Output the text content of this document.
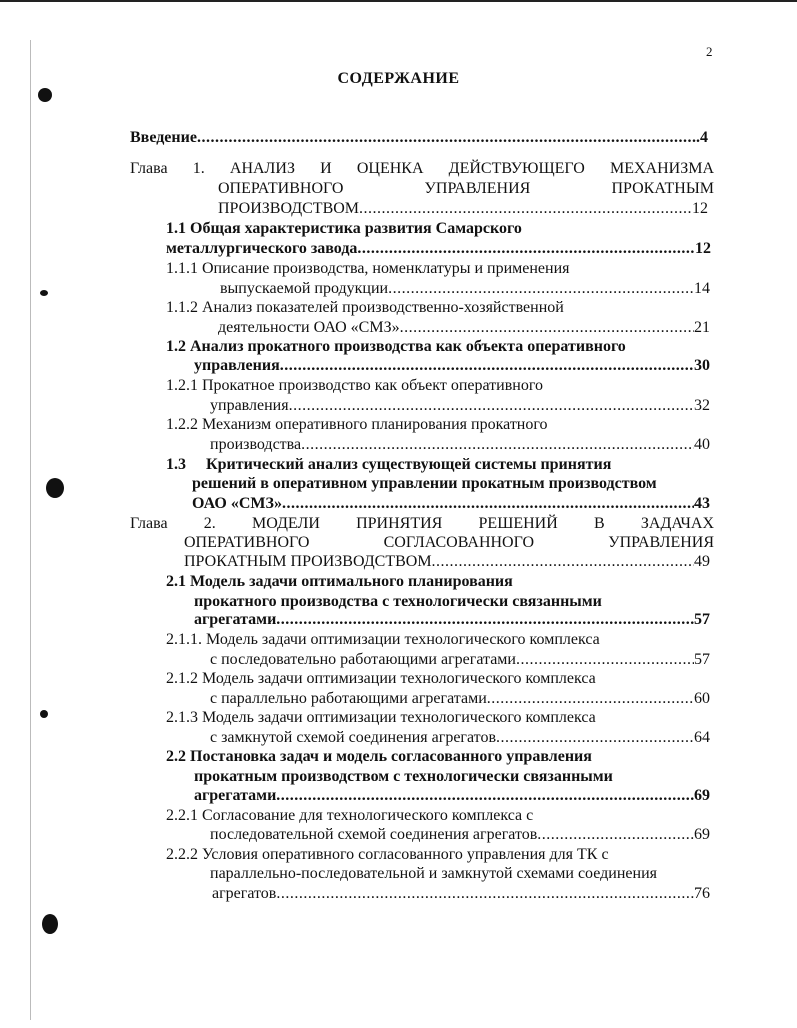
2
СОДЕРЖАНИЕ
Введение .....	.4
Глава 1. АНАЛИЗ И ОЦЕНКА ДЕЙСТВУЮЩЕГО МЕХАНИЗМА
ОПЕРАТИВНОГО УПРАВЛЕНИЯ ПРОКАТНЫМ
ПРОИЗВОДСТВОМ .....	12
1.1 Общая характеристика развития Самарского
металлургического завода .....	12
1.1.1 Описание производства, номенклатуры и применения
выпускаемой продукции .....	14
1.1.2 Анализ показателей производственно-хозяйственной
деятельности ОАО «СМЗ» .....	21
1.2 Анализ прокатного производства как объекта оперативного
управления .....	30
1.2.1 Прокатное производство как объект оперативного
управления .....	32
1.2.2 Механизм оперативного планирования прокатного
производства .....	40
1.3     Критический анализ существующей системы принятия
решений в оперативном управлении прокатным производством
ОАО «СМЗ» .....	43
Глава 2. МОДЕЛИ ПРИНЯТИЯ РЕШЕНИЙ В ЗАДАЧАХ
ОПЕРАТИВНОГО СОГЛАСОВАННОГО УПРАВЛЕНИЯ
ПРОКАТНЫМ ПРОИЗВОДСТВОМ .....	49
2.1 Модель задачи оптимального планирования
прокатного производства с технологически связанными
агрегатами .....	57
2.1.1. Модель задачи оптимизации технологического комплекса
с последовательно работающими агрегатами .....	57
2.1.2 Модель задачи оптимизации технологического комплекса
с параллельно работающими агрегатами .....	60
2.1.3 Модель задачи оптимизации технологического комплекса
с замкнутой схемой соединения агрегатов .....	64
2.2 Постановка задач и модель согласованного управления
прокатным производством с технологически связанными
агрегатами .....	69
2.2.1 Согласование для технологического комплекса с
последовательной схемой соединения агрегатов .....	69
2.2.2 Условия оперативного согласованного управления для ТК с
параллельно-последовательной и замкнутой схемами соединения
агрегатов .....	76
